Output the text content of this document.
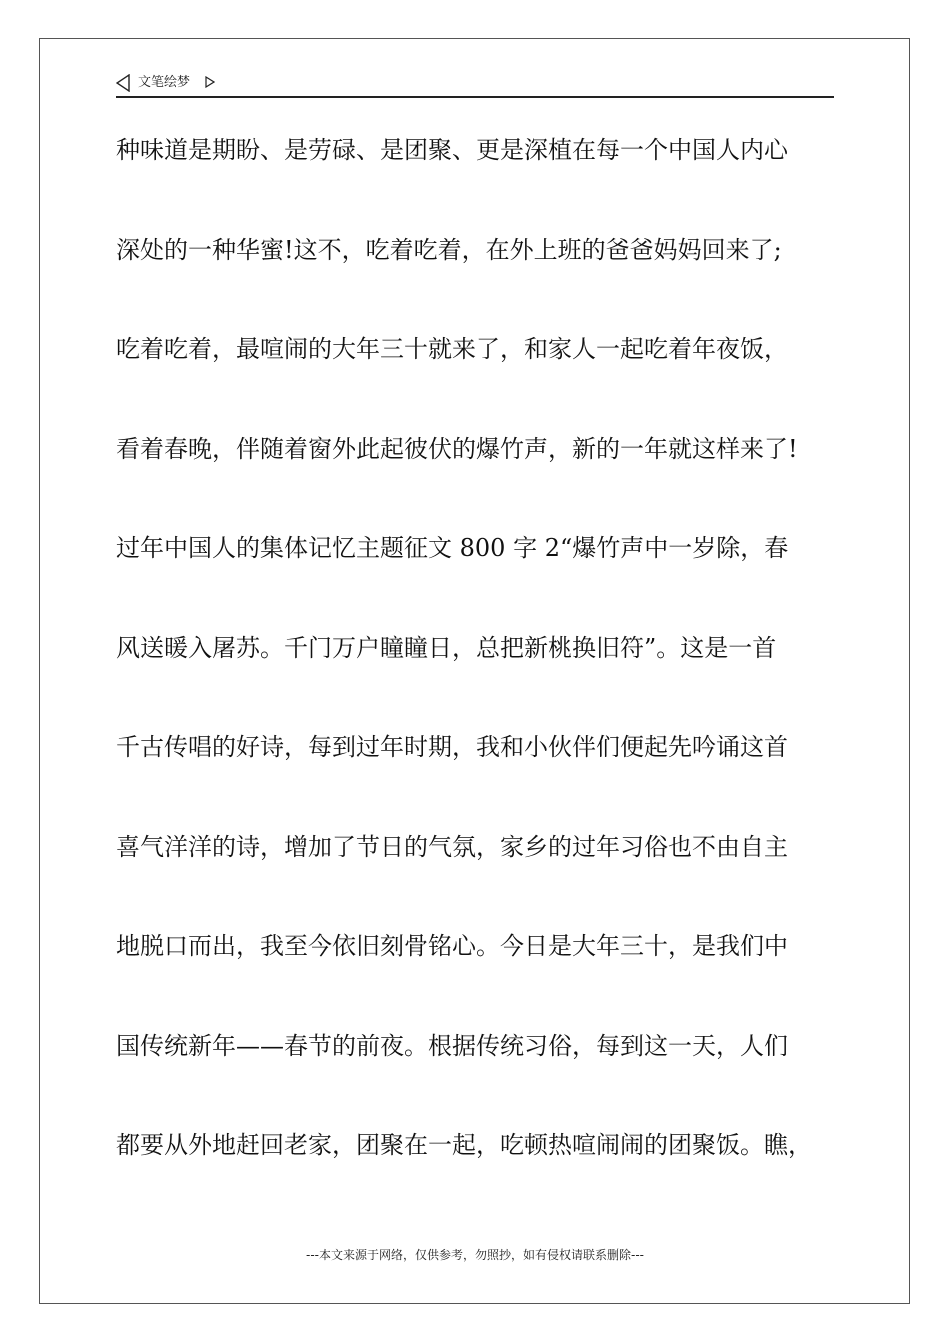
文笔绘梦
种味道是期盼、是劳碌、是团聚、更是深植在每一个中国人内心
深处的一种华蜜!这不，吃着吃着，在外上班的爸爸妈妈回来了;
吃着吃着，最喧闹的大年三十就来了，和家人一起吃着年夜饭，
看着春晚，伴随着窗外此起彼伏的爆竹声，新的一年就这样来了!
过年中国人的集体记忆主题征文 800 字 2“爆竹声中一岁除，春
风送暖入屠苏。千门万户瞳瞳日，总把新桃换旧符”。这是一首
千古传唱的好诗，每到过年时期，我和小伙伴们便起先吟诵这首
喜气洋洋的诗，增加了节日的气氛，家乡的过年习俗也不由自主
地脱口而出，我至今依旧刻骨铭心。今日是大年三十，是我们中
国传统新年——春节的前夜。根据传统习俗，每到这一天，人们
都要从外地赶回老家，团聚在一起，吃顿热喧闹闹的团聚饭。瞧，
---本文来源于网络，仅供参考，勿照抄，如有侵权请联系删除---
